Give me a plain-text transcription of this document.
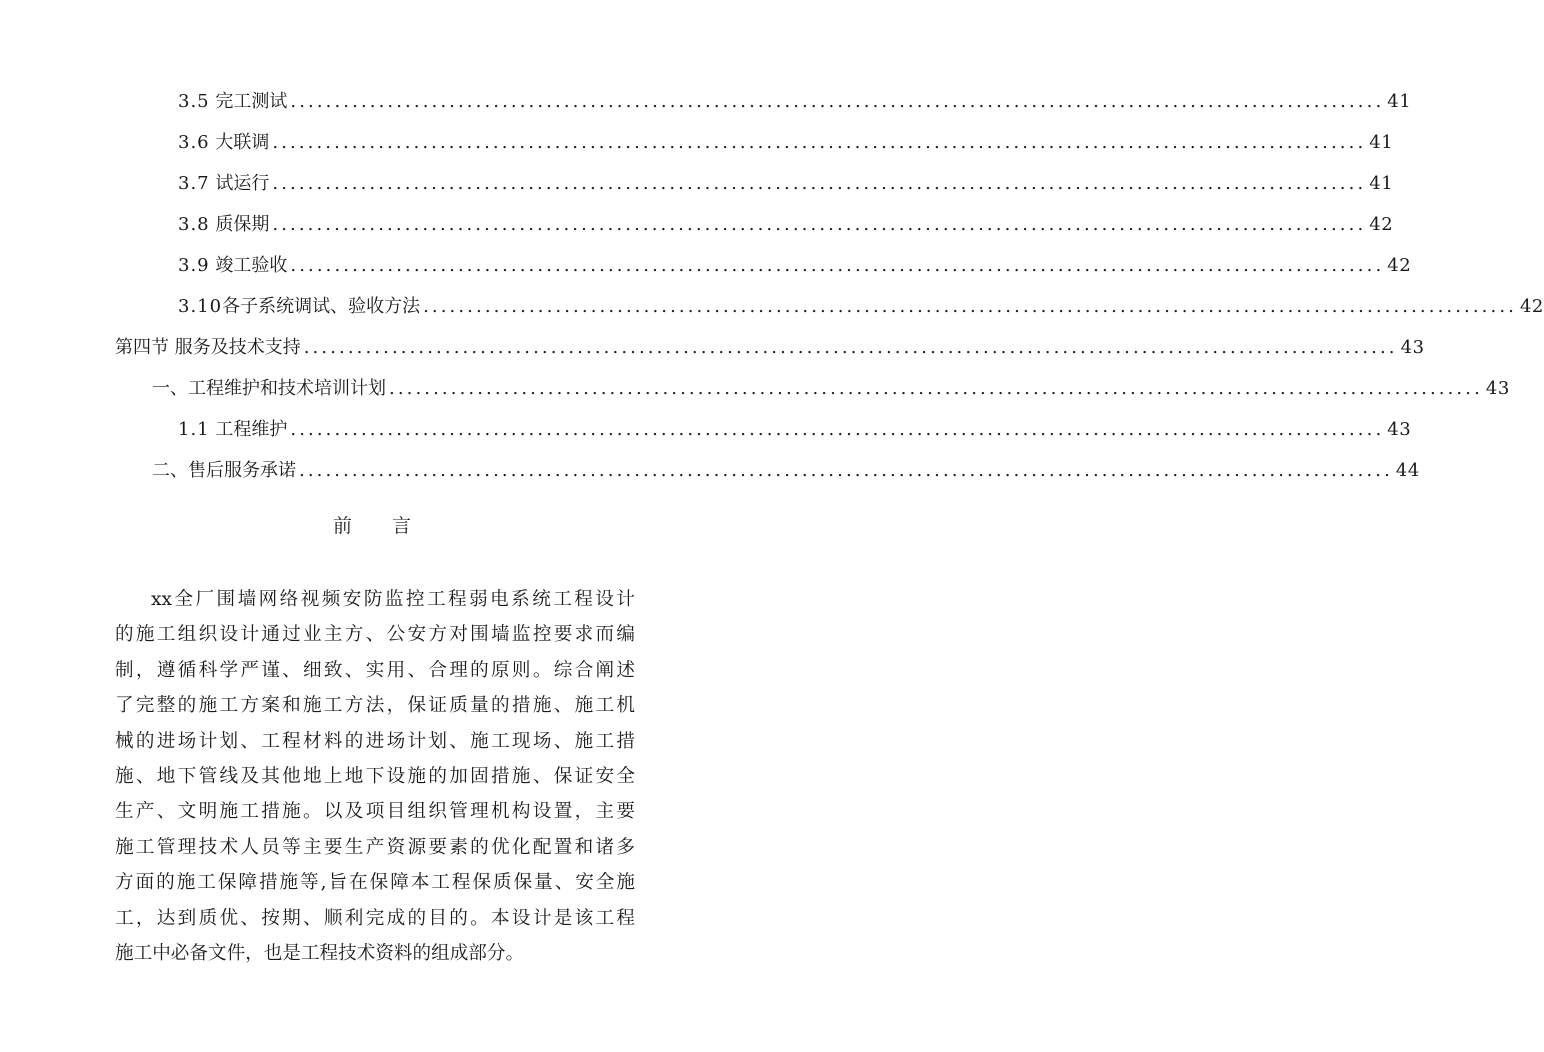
3.5 完工测试 ............................................................................................................................ 41
3.6 大联调 ............................................................................................................................ 41
3.7 试运行 ............................................................................................................................ 41
3.8 质保期 ............................................................................................................................ 42
3.9 竣工验收 ............................................................................................................................ 42
3.10各子系统调试、验收方法 ............................................................................................................................ 42
第四节 服务及技术支持 ............................................................................................................................ 43
一、工程维护和技术培训计划 ............................................................................................................................ 43
1.1 工程维护 ............................................................................................................................ 43
二、售后服务承诺 ............................................................................................................................ 44
前言
xx全厂围墙网络视频安防监控工程弱电系统工程设计
的施工组织设计通过业主方、公安方对围墙监控要求而编
制，遵循科学严谨、细致、实用、合理的原则。综合阐述
了完整的施工方案和施工方法，保证质量的措施、施工机
械的进场计划、工程材料的进场计划、施工现场、施工措
施、地下管线及其他地上地下设施的加固措施、保证安全
生产、文明施工措施。以及项目组织管理机构设置，主要
施工管理技术人员等主要生产资源要素的优化配置和诸多
方面的施工保障措施等,旨在保障本工程保质保量、安全施
工，达到质优、按期、顺利完成的目的。本设计是该工程
施工中必备文件，也是工程技术资料的组成部分。
